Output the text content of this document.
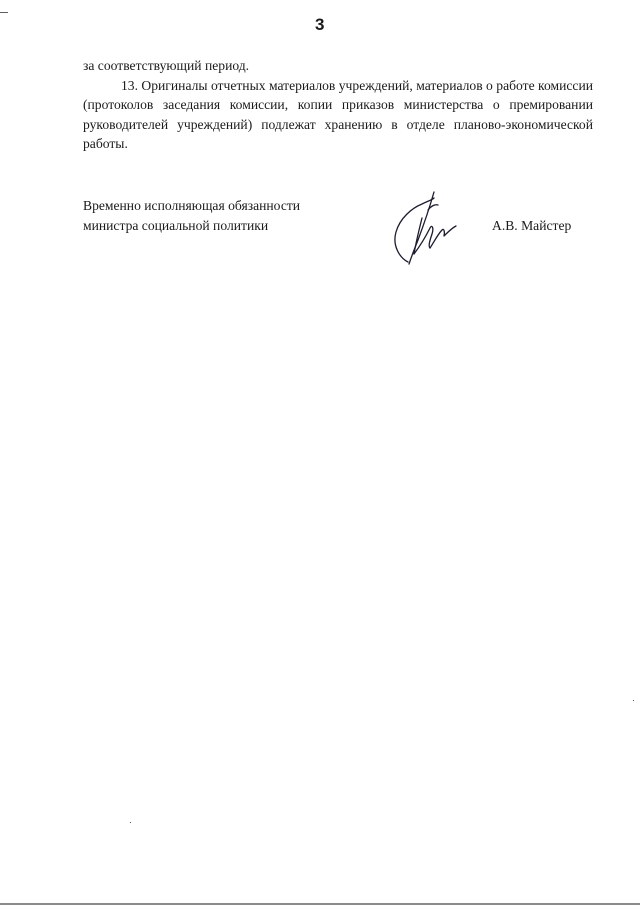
3

за соответствующий период.

13. Оригиналы отчетных материалов учреждений, материалов о работе комиссии (протоколов заседания комиссии, копии приказов министерства о премировании руководителей учреждений) подлежат хранению в отделе планово-экономической работы.

Временно исполняющая обязанности
министра социальной политики	А.В. Майстер
